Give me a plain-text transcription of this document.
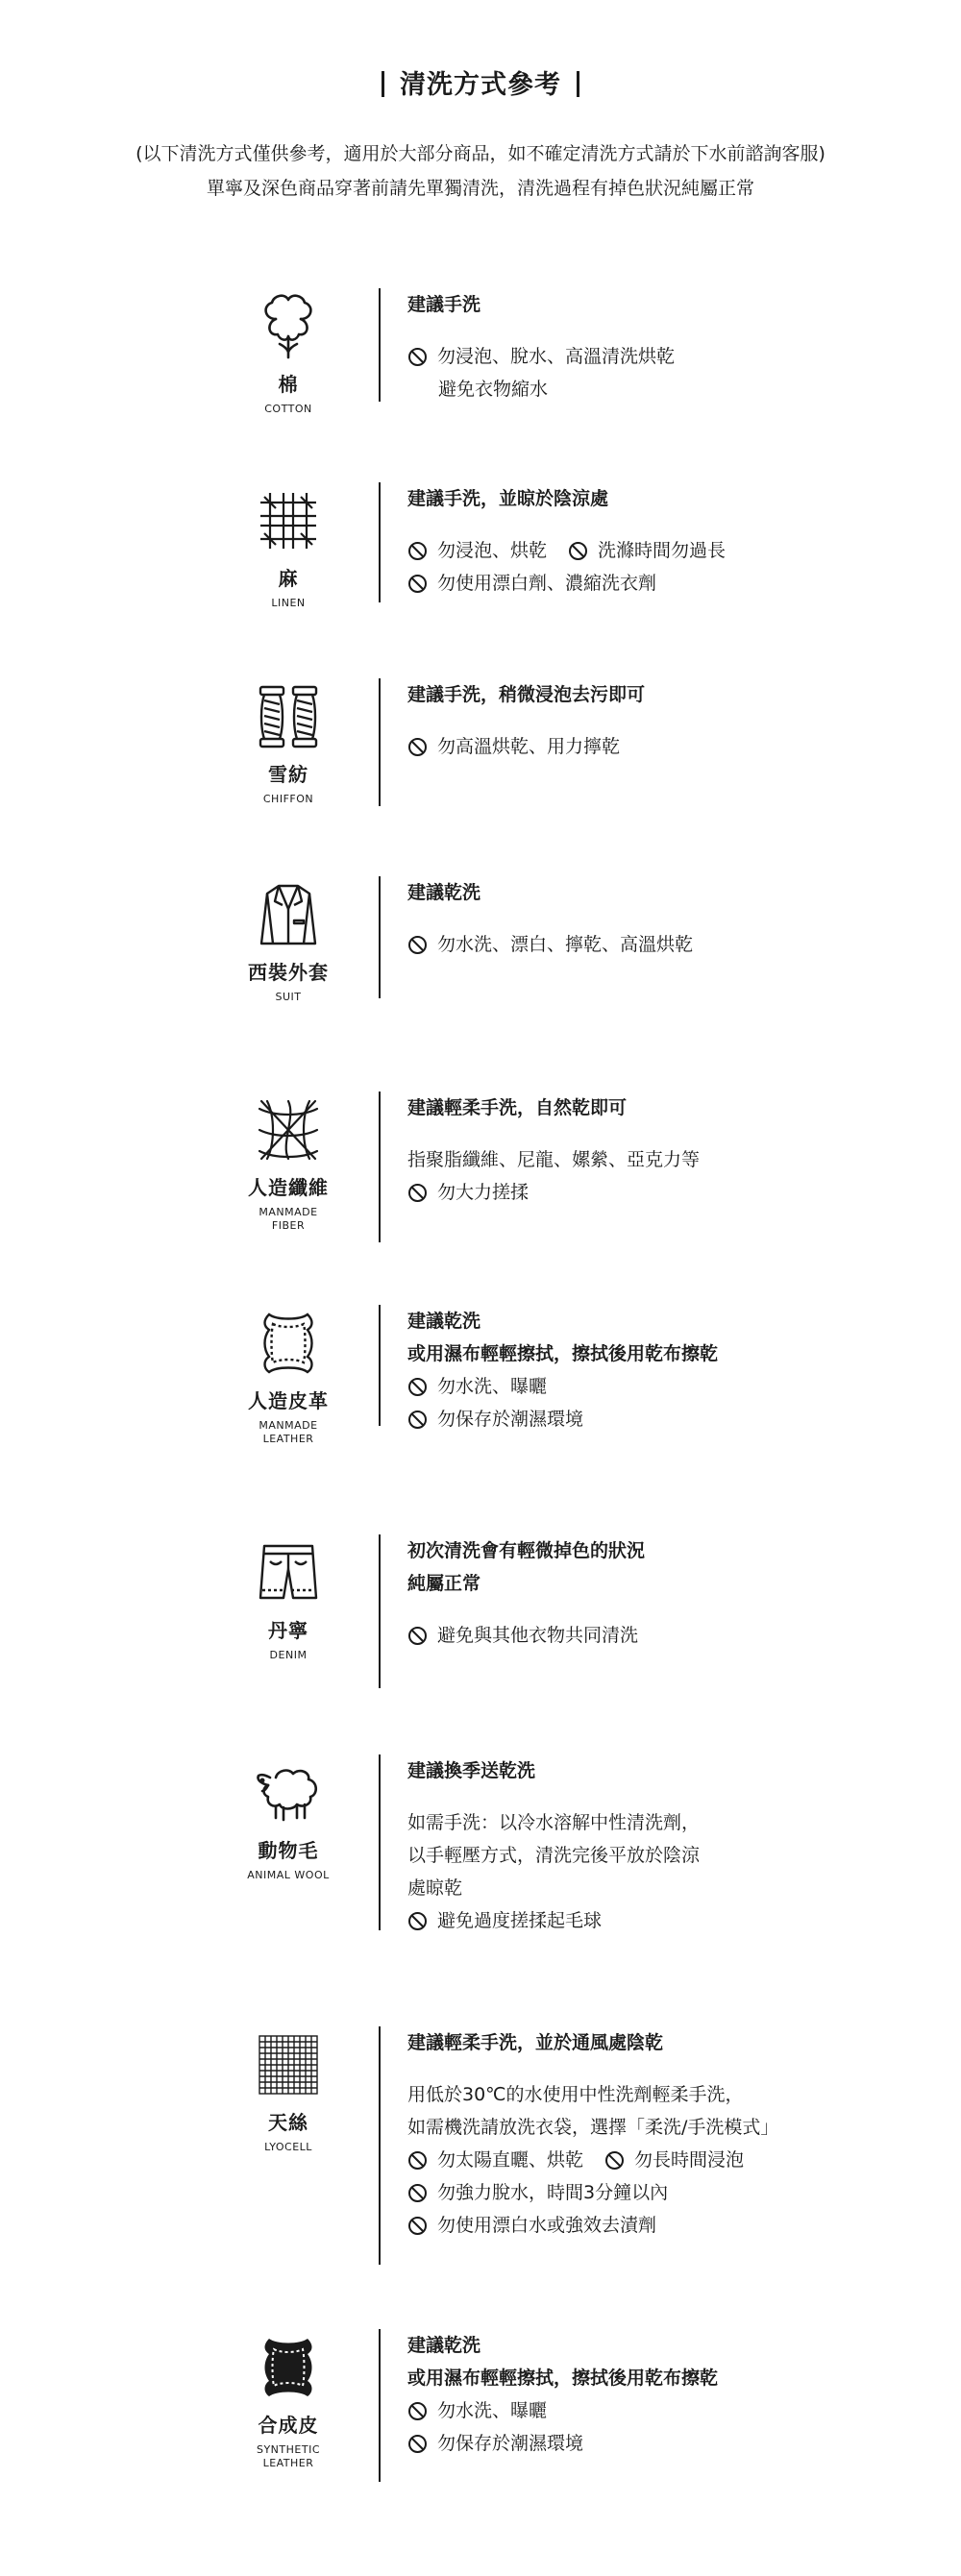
清洗方式參考
(以下清洗方式僅供參考，適用於大部分商品，如不確定清洗方式請於下水前諮詢客服)
單寧及深色商品穿著前請先單獨清洗，清洗過程有掉色狀況純屬正常
棉
COTTON
建議手洗
勿浸泡、脫水、高溫清洗烘乾
避免衣物縮水
麻
LINEN
建議手洗，並晾於陰涼處
勿浸泡、烘乾	洗滌時間勿過長
勿使用漂白劑、濃縮洗衣劑
雪紡
CHIFFON
建議手洗，稍微浸泡去污即可
勿高溫烘乾、用力擰乾
西裝外套
SUIT
建議乾洗
勿水洗、漂白、擰乾、高溫烘乾
人造纖維
MANMADE
FIBER
建議輕柔手洗，自然乾即可
指聚脂纖維、尼龍、嫘縈、亞克力等
勿大力搓揉
人造皮革
MANMADE
LEATHER
建議乾洗
或用濕布輕輕擦拭，擦拭後用乾布擦乾
勿水洗、曝曬
勿保存於潮濕環境
丹寧
DENIM
初次清洗會有輕微掉色的狀況
純屬正常
避免與其他衣物共同清洗
動物毛
ANIMAL WOOL
建議換季送乾洗
如需手洗：以冷水溶解中性清洗劑，
以手輕壓方式，清洗完後平放於陰涼
處晾乾
避免過度搓揉起毛球
天絲
LYOCELL
建議輕柔手洗，並於通風處陰乾
用低於30℃的水使用中性洗劑輕柔手洗，
如需機洗請放洗衣袋，選擇「柔洗/手洗模式」
勿太陽直曬、烘乾	勿長時間浸泡
勿強力脫水，時間3分鐘以內
勿使用漂白水或強效去漬劑
合成皮
SYNTHETIC
LEATHER
建議乾洗
或用濕布輕輕擦拭，擦拭後用乾布擦乾
勿水洗、曝曬
勿保存於潮濕環境
